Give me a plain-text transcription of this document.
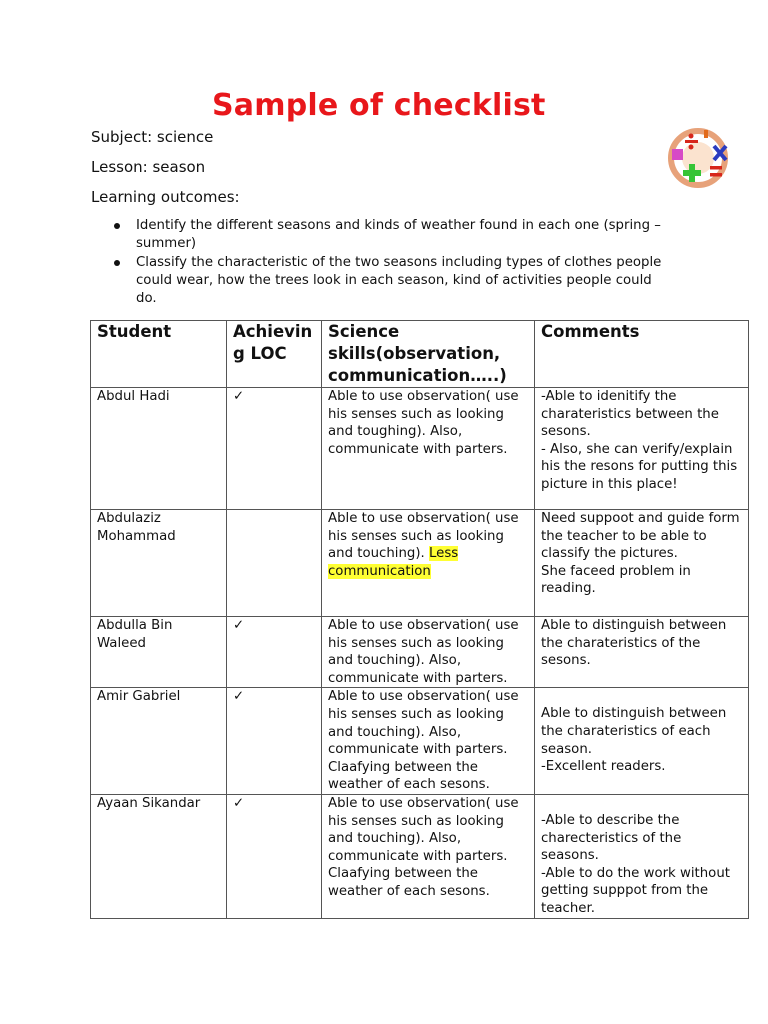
Sample of checklist
Subject: science
Lesson: season
Learning outcomes:
Identify the different seasons and kinds of weather found in each one (spring – summer)
Classify the characteristic of the two seasons including types of clothes people could wear, how the trees look in each season, kind of activities people could do.
Student	Achieving LOC	Science skills(observation, communication…..)	Comments
Abdul Hadi	✓	Able to use observation( use his senses such as looking and toughing). Also, communicate with parters.	-Able to idenitify the charateristics between the sesons.
- Also, she can verify/explain his the resons for putting this picture in this place!

Abdulaziz Mohammad		Able to use observation( use his senses such as looking and touching). Less communication	Need suppoot and guide form the teacher to be able to classify the pictures.
She faceed problem in reading.

Abdulla Bin Waleed	✓	Able to use observation( use his senses such as looking and touching). Also, communicate with parters.	Able to distinguish between the charateristics of the sesons.

Amir Gabriel	✓	Able to use observation( use his senses such as looking and touching). Also, communicate with parters. Claafying between the weather of each sesons.	Able to distinguish between the charateristics of each season.
-Excellent readers.

Ayaan Sikandar	✓	Able to use observation( use his senses such as looking and touching). Also, communicate with parters. Claafying between the weather of each sesons.	-Able to describe the charecteristics of the seasons.
-Able to do the work without getting supppot from the teacher.
